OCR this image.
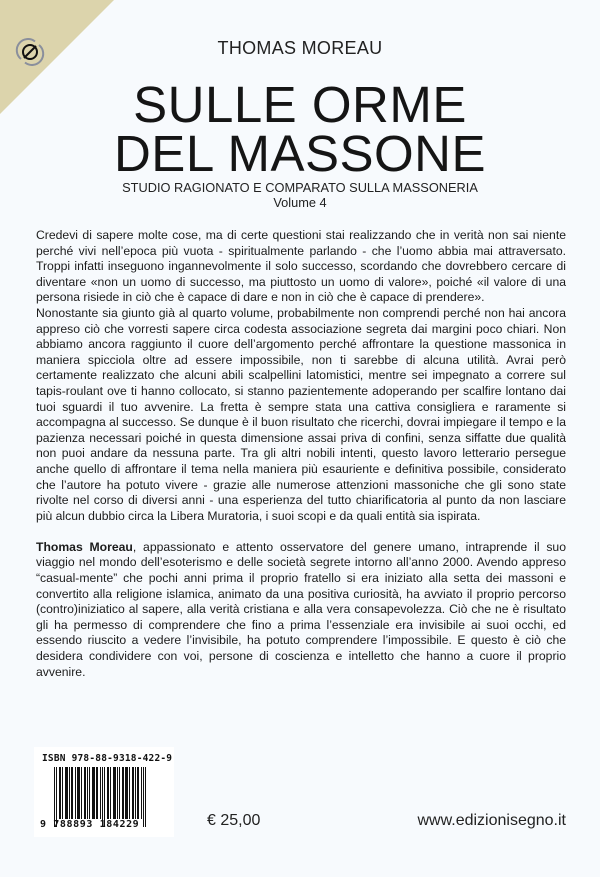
THOMAS MOREAU
SULLE ORME
DEL MASSONE
STUDIO RAGIONATO E COMPARATO SULLA MASSONERIA
Volume 4

Credevi di sapere molte cose, ma di certe questioni stai realizzando che in verità non sai niente perché vivi nell’epoca più vuota - spiritualmente parlando - che l’uomo abbia mai attraversato. Troppi infatti inseguono ingannevolmente il solo successo, scordando che dovrebbero cercare di diventare «non un uomo di successo, ma piuttosto un uomo di valore», poiché «il valore di una persona risiede in ciò che è capace di dare e non in ciò che è capace di prendere».

Nonostante sia giunto già al quarto volume, probabilmente non comprendi perché non hai ancora appreso ciò che vorresti sapere circa codesta associazione segreta dai margini poco chiari. Non abbiamo ancora raggiunto il cuore dell’argomento perché affrontare la questione massonica in maniera spicciola oltre ad essere impossibile, non ti sarebbe di alcuna utilità. Avrai però certamente realizzato che alcuni abili scalpellini latomistici, mentre sei impegnato a correre sul tapis-roulant ove ti hanno collocato, si stanno pazientemente adoperando per scalfire lontano dai tuoi sguardi il tuo avvenire. La fretta è sempre stata una cattiva consigliera e raramente si accompagna al successo. Se dunque è il buon risultato che ricerchi, dovrai impiegare il tempo e la pazienza necessari poiché in questa dimensione assai priva di confini, senza siffatte due qualità non puoi andare da nessuna parte. Tra gli altri nobili intenti, questo lavoro letterario persegue anche quello di affrontare il tema nella maniera più esauriente e definitiva possibile, considerato che l’autore ha potuto vivere - grazie alle numerose attenzioni massoniche che gli sono state rivolte nel corso di diversi anni - una esperienza del tutto chiarificatoria al punto da non lasciare più alcun dubbio circa la Libera Muratoria, i suoi scopi e da quali entità sia ispirata.

Thomas Moreau, appassionato e attento osservatore del genere umano, intraprende il suo viaggio nel mondo dell’esoterismo e delle società segrete intorno all’anno 2000. Avendo appreso “casual-mente” che pochi anni prima il proprio fratello si era iniziato alla setta dei massoni e convertito alla religione islamica, animato da una positiva curiosità, ha avviato il proprio percorso (contro)iniziatico al sapere, alla verità cristiana e alla vera consapevolezza. Ciò che ne è risultato gli ha permesso di comprendere che fino a prima l’essenziale era invisibile ai suoi occhi, ed essendo riuscito a vedere l’invisibile, ha potuto comprendere l’impossibile. E questo è ciò che desidera condividere con voi, persone di coscienza e intelletto che hanno a cuore il proprio avvenire.

ISBN 978-88-9318-422-9
9 788893 184229	€ 25,00	www.edizionisegno.it
